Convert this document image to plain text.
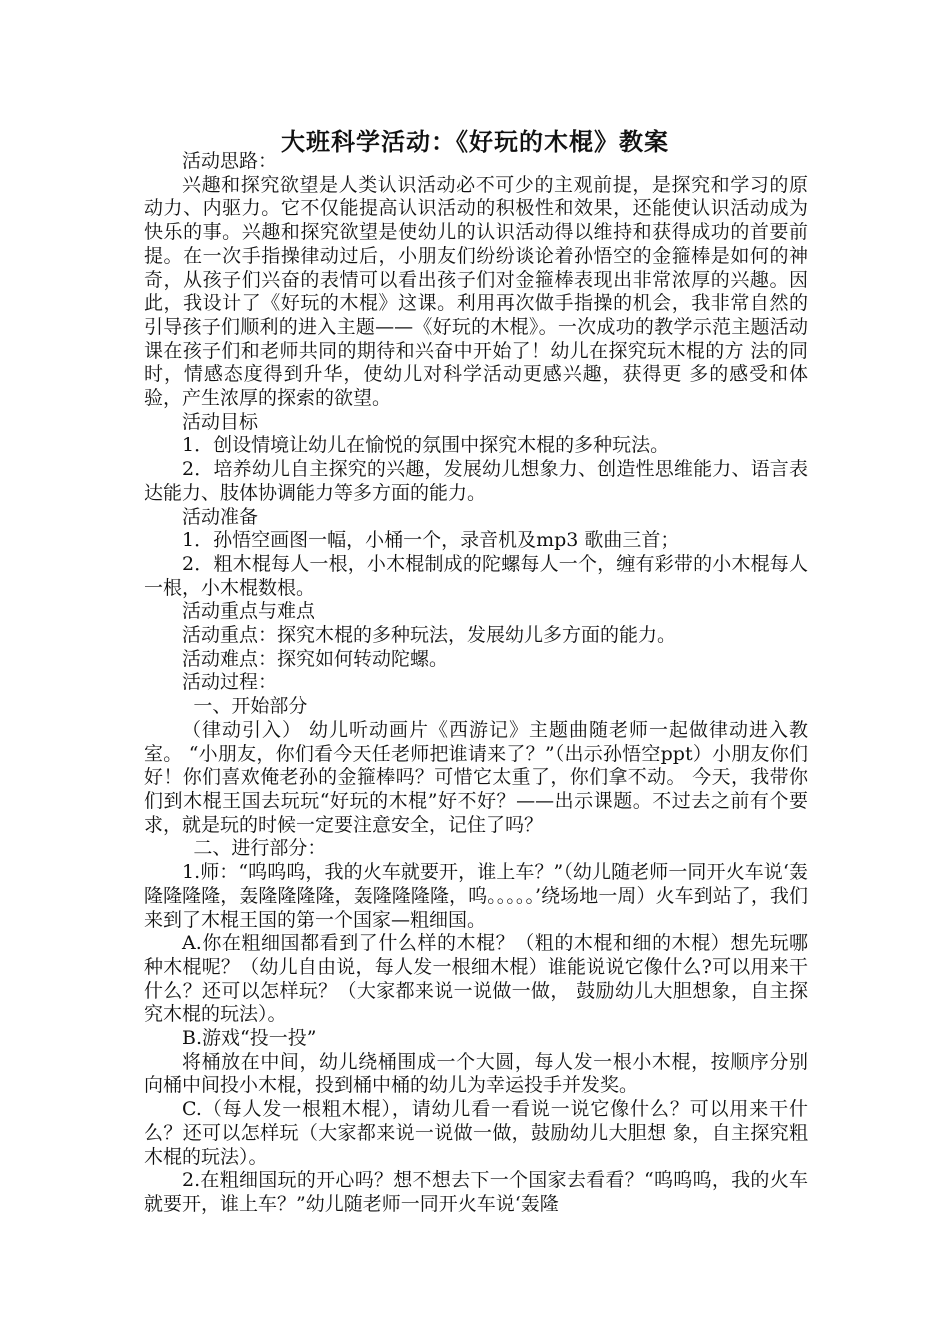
大班科学活动：《好玩的木棍》教案

活动思路：

兴趣和探究欲望是人类认识活动必不可少的主观前提，是探究和学习的原动力、内驱力。它不仅能提高认识活动的积极性和效果，还能使认识活动成为快乐的事。兴趣和探究欲望是使幼儿的认识活动得以维持和获得成功的首要前提。在一次手指操律动过后，小朋友们纷纷谈论着孙悟空的金箍棒是如何的神奇，从孩子们兴奋的表情可以看出孩子们对金箍棒表现出非常浓厚的兴趣。因此，我设计了《好玩的木棍》这课。利用再次做手指操的机会，我非常自然的引导孩子们顺利的进入主题——《好玩的木棍》。一次成功的教学示范主题活动课在孩子们和老师共同的期待和兴奋中开始了！幼儿在探究玩木棍的方 法的同时，情感态度得到升华，使幼儿对科学活动更感兴趣，获得更 多的感受和体验，产生浓厚的探索的欲望。

活动目标

1．创设情境让幼儿在愉悦的氛围中探究木棍的多种玩法。

2．培养幼儿自主探究的兴趣，发展幼儿想象力、创造性思维能力、语言表达能力、肢体协调能力等多方面的能力。

活动准备

1．孙悟空画图一幅，小桶一个，录音机及mp3 歌曲三首；

2．粗木棍每人一根，小木棍制成的陀螺每人一个，缠有彩带的小木棍每人一根，小木棍数根。

活动重点与难点

活动重点：探究木棍的多种玩法，发展幼儿多方面的能力。

活动难点：探究如何转动陀螺。

活动过程：

一、开始部分

（律动引入） 幼儿听动画片《西游记》主题曲随老师一起做律动进入教室。 “小朋友，你们看今天任老师把谁请来了？”（出示孙悟空ppt）小朋友你们好！你们喜欢俺老孙的金箍棒吗？可惜它太重了，你们拿不动。 今天，我带你们到木棍王国去玩玩“好玩的木棍”好不好？——出示课题。不过去之前有个要求，就是玩的时候一定要注意安全，记住了吗？

二、进行部分：

1.师：“呜呜呜，我的火车就要开，谁上车？”（幼儿随老师一同开火车说‘轰隆隆隆隆，轰隆隆隆隆，轰隆隆隆隆，呜。。。。。’绕场地一周）火车到站了，我们来到了木棍王国的第一个国家—粗细国。

A.你在粗细国都看到了什么样的木棍？（粗的木棍和细的木棍）想先玩哪种木棍呢？（幼儿自由说，每人发一根细木棍）谁能说说它像什么?可以用来干什么？还可以怎样玩？（大家都来说一说做一做， 鼓励幼儿大胆想象，自主探究木棍的玩法）。

B.游戏“投一投”

将桶放在中间，幼儿绕桶围成一个大圆，每人发一根小木棍，按顺序分别向桶中间投小木棍，投到桶中桶的幼儿为幸运投手并发奖。

C.（每人发一根粗木棍），请幼儿看一看说一说它像什么？可以用来干什么？还可以怎样玩（大家都来说一说做一做，鼓励幼儿大胆想 象，自主探究粗木棍的玩法）。

2.在粗细国玩的开心吗？想不想去下一个国家去看看？“呜呜呜，我的火车就要开，谁上车？”幼儿随老师一同开火车说‘轰隆
